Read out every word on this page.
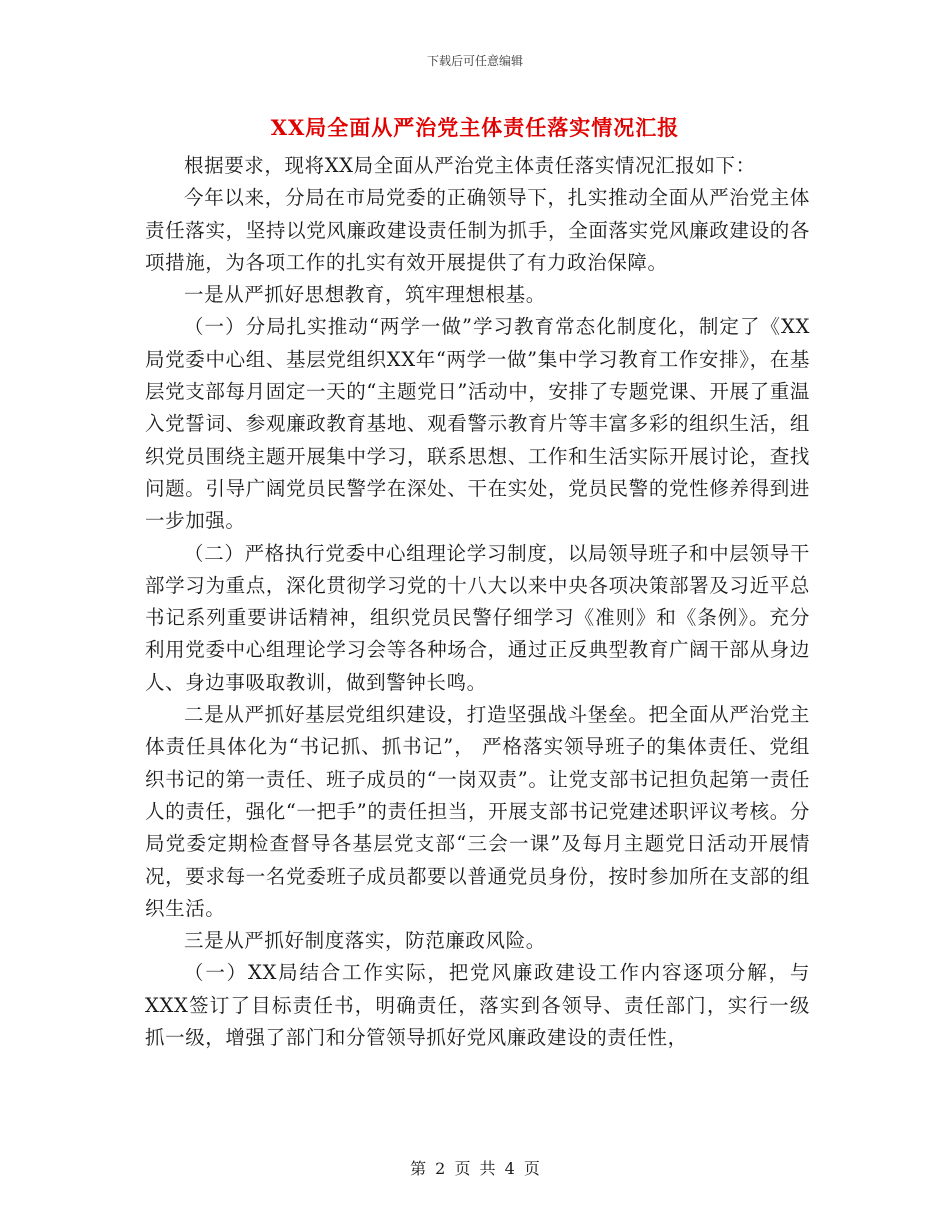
下载后可任意编辑
XX局全面从严治党主体责任落实情况汇报

根据要求，现将XX局全面从严治党主体责任落实情况汇报如下：

今年以来，分局在市局党委的正确领导下，扎实推动全面从严治党主体责任落实，坚持以党风廉政建设责任制为抓手，全面落实党风廉政建设的各项措施，为各项工作的扎实有效开展提供了有力政治保障。

一是从严抓好思想教育，筑牢理想根基。

（一）分局扎实推动“两学一做”学习教育常态化制度化，制定了《XX局党委中心组、基层党组织XX年“两学一做”集中学习教育工作安排》，在基层党支部每月固定一天的“主题党日”活动中，安排了专题党课、开展了重温入党誓词、参观廉政教育基地、观看警示教育片等丰富多彩的组织生活，组织党员围绕主题开展集中学习，联系思想、工作和生活实际开展讨论，查找问题。引导广阔党员民警学在深处、干在实处，党员民警的党性修养得到进一步加强。

（二）严格执行党委中心组理论学习制度，以局领导班子和中层领导干部学习为重点，深化贯彻学习党的十八大以来中央各项决策部署及习近平总书记系列重要讲话精神，组织党员民警仔细学习《准则》和《条例》。充分利用党委中心组理论学习会等各种场合，通过正反典型教育广阔干部从身边人、身边事吸取教训，做到警钟长鸣。

二是从严抓好基层党组织建设，打造坚强战斗堡垒。把全面从严治党主体责任具体化为“书记抓、抓书记”， 严格落实领导班子的集体责任、党组织书记的第一责任、班子成员的“一岗双责”。让党支部书记担负起第一责任人的责任，强化“一把手”的责任担当，开展支部书记党建述职评议考核。分局党委定期检查督导各基层党支部“三会一课”及每月主题党日活动开展情况，要求每一名党委班子成员都要以普通党员身份，按时参加所在支部的组织生活。

三是从严抓好制度落实，防范廉政风险。

（一）XX局结合工作实际，把党风廉政建设工作内容逐项分解，与XXX签订了目标责任书，明确责任，落实到各领导、责任部门，实行一级抓一级，增强了部门和分管领导抓好党风廉政建设的责任性，

第 2 页 共 4 页
